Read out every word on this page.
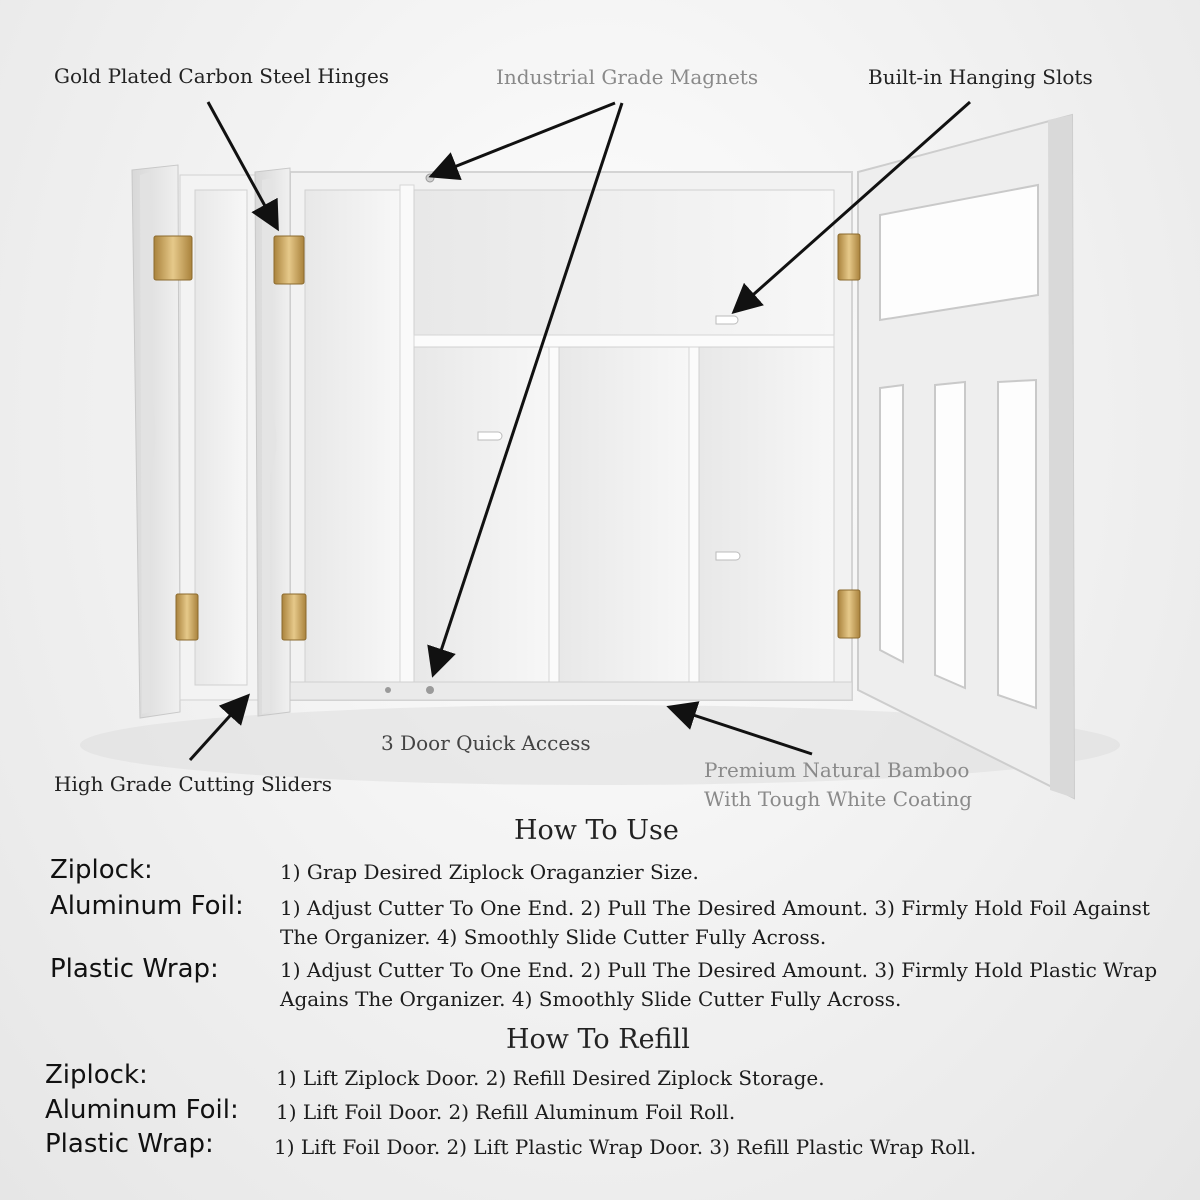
Gold Plated Carbon Steel Hinges	Industrial Grade Magnets	Built-in Hanging Slots
High Grade Cutting Sliders
3 Door Quick Access
Premium Natural Bamboo
With Tough White Coating
How To Use
Ziplock:	1) Grap Desired Ziplock Oraganzier Size.
Aluminum Foil: 1) Adjust Cutter To One End. 2) Pull The Desired Amount. 3) Firmly Hold Foil Against The Organizer. 4) Smoothly Slide Cutter Fully Across.
Plastic Wrap:	1) Adjust Cutter To One End. 2) Pull The Desired Amount. 3) Firmly Hold Plastic Wrap Agains The Organizer. 4) Smoothly Slide Cutter Fully Across.
How To Refill
Ziplock:	1) Lift Ziplock Door. 2) Refill Desired Ziplock Storage.
Aluminum Foil: 1) Lift Foil Door. 2) Refill Aluminum Foil Roll.
Plastic Wrap:	1) Lift Foil Door. 2) Lift Plastic Wrap Door. 3) Refill Plastic Wrap Roll.
